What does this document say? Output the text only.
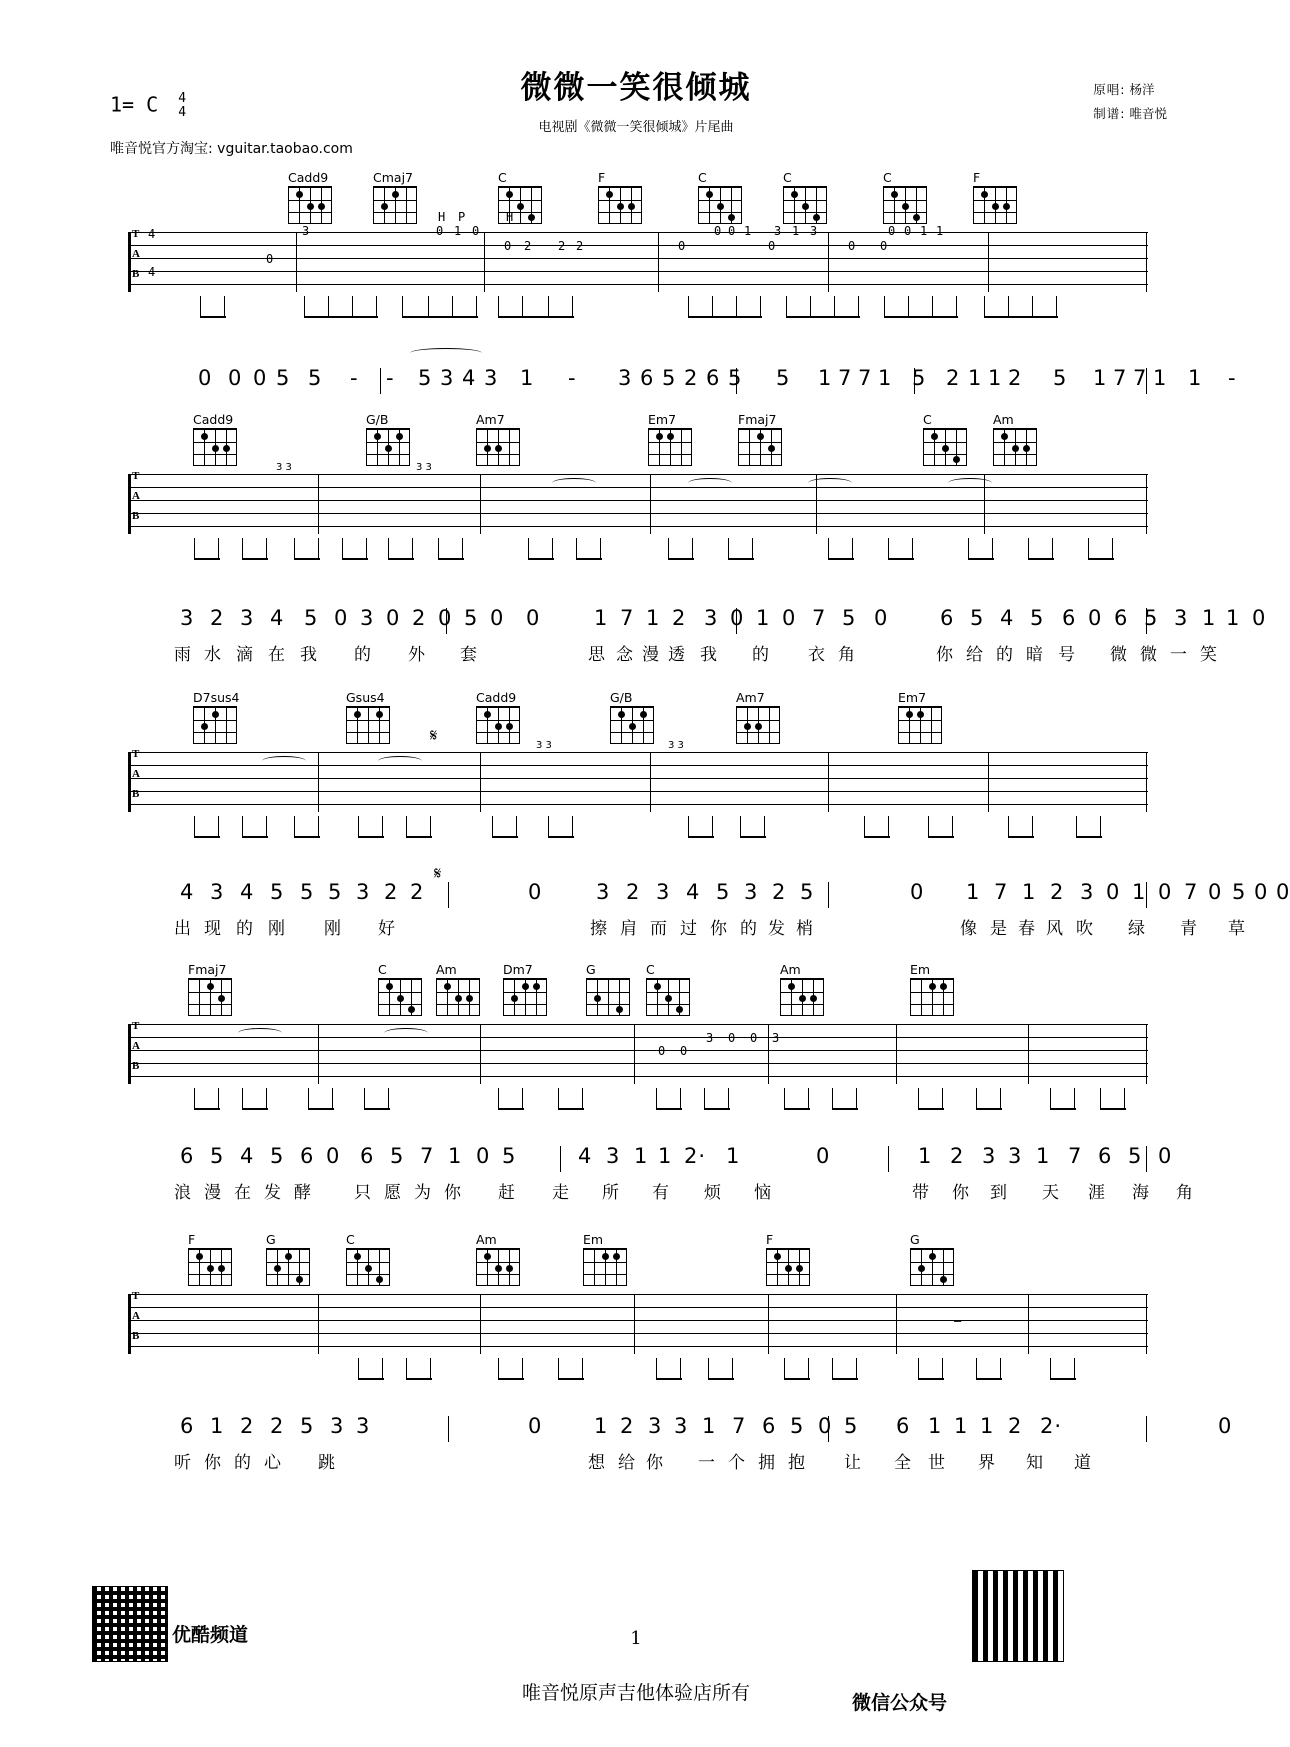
微微一笑很倾城
电视剧《微微一笑很倾城》片尾曲
1= C 4
4
唯音悦官方淘宝: vguitar.taobao.com
原唱: 杨洋
制谱: 唯音悦
Cadd9	Cmaj7	C	F	C	C	C	F
T
A
B
4
4
0
3
H P
0 1 0
H
0 2 2 2	0
0 0 1 3 1 3
0	0
0 0 1 1
0
0 0 0 5 5 - - 5 3 4 3 1 - 3 6 5 2 6 5 5 1 7 7 1 5 2 1 1 2 5 1 7 7 1 1 -
Cadd9	G/B	Am7	Em7	Fmaj7	C	Am
T
A
B
3 3	3 3
3 2 3 4 5 0 3 0 2 0 5 0 0	1 7 1 2 3 0 1 0 7 5 0 6 5 4 5 6 0 6 5 3 1 1 0
雨 水 滴 在 我 的 外 套	思 念 漫 透 我 的 衣 角	你 给 的 暗 号 微 微 一 笑
D7sus4	Gsus4	Cadd9	G/B	Am7	Em7
T
A
B
𝄋	3 3	3 3
𝄋
4 3 4 5 5 5 3 2 2	0	3 2 3 4 5 3 2 5	0 1 7 1 2 3 0 1 0 7 0 5 0 0
出 现 的 刚 刚 好	擦 肩 而 过 你 的 发 梢	像 是 春 风 吹 绿 青 草
Fmaj7	C	Am	Dm7	G	C	Am	Em
T
A
B
0 0
3 0 0 3
6 5 4 5 6 0 6 5 7 1 0 5	4 3 1 1 2· 1	0	1 2 3 3 1 7 6 5 0
浪 漫 在 发 酵 只 愿 为 你 赶 走 所 有 烦 恼	带 你 到 天 涯 海 角
F	G	C	Am	Em	F	G
T
A
B
—
6 1 2 2 5 3 3	0 1 2 3 3 1 7 6 5 0 5 6 1 1 1 2 2·	0
听 你 的 心 跳	想 给 你 一 个 拥 抱 让 全 世 界 知 道
1
唯音悦原声吉他体验店所有
优酷频道
微信公众号
